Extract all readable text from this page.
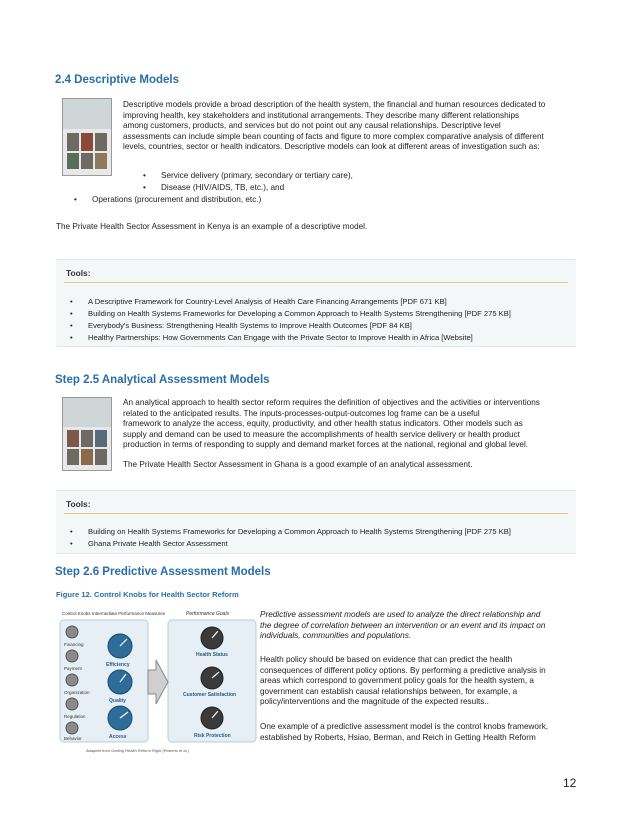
2.4 Descriptive Models
Descriptive models provide a broad description of the health system, the financial and human resources dedicated to
improving health, key stakeholders and institutional arrangements. They describe many different relationships
among customers, products, and services but do not point out any causal relationships. Descriptive level
assessments can include simple bean counting of facts and figure to more complex comparative analysis of different
levels, countries, sector or health indicators. Descriptive models can look at different areas of investigation such as:
• Service delivery (primary, secondary or tertiary care),
• Disease (HIV/AIDS, TB, etc.), and
• Operations (procurement and distribution, etc.)
The Private Health Sector Assessment in Kenya is an example of a descriptive model.
Tools:
• A Descriptive Framework for Country-Level Analysis of Health Care Financing Arrangements [PDF 671 KB]
• Building on Health Systems Frameworks for Developing a Common Approach to Health Systems Strengthening [PDF 275 KB]
• Everybody's Business: Strengthening Health Systems to Improve Health Outcomes [PDF 84 KB]
• Healthy Partnerships: How Governments Can Engage with the Private Sector to Improve Health in Africa [Website]
Step 2.5 Analytical Assessment Models
An analytical approach to health sector reform requires the definition of objectives and the activities or interventions
related to the anticipated results. The inputs-processes-output-outcomes log frame can be a useful
framework to analyze the access, equity, productivity, and other health status indicators. Other models such as
supply and demand can be used to measure the accomplishments of health service delivery or health product
production in terms of responding to supply and demand market forces at the national, regional and global level.
The Private Health Sector Assessment in Ghana is a good example of an analytical assessment.
Tools:
• Building on Health Systems Frameworks for Developing a Common Approach to Health Systems Strengthening [PDF 275 KB]
• Ghana Private Health Sector Assessment
Step 2.6 Predictive Assessment Models
Figure 12. Control Knobs for Health Sector Reform
Control Knobs Intermediate Performance Measures	Performance Goals
Financing
Payment
Organization
Regulation
Behavior
Efficiency
Quality
Access
Health Status
Customer Satisfaction
Risk Protection
Adapted from Getting Health Reform Right (Roberts et al.)
Predictive assessment models are used to analyze the direct relationship and
the degree of correlation between an intervention or an event and its impact on
individuals, communities and populations.
Health policy should be based on evidence that can predict the health
consequences of different policy options. By performing a predictive analysis in
areas which correspond to government policy goals for the health system, a
government can establish causal relationships between, for example, a
policy/interventions and the magnitude of the expected results..
One example of a predictive assessment model is the control knobs framework,
established by Roberts, Hsiao, Berman, and Reich in Getting Health Reform
12
